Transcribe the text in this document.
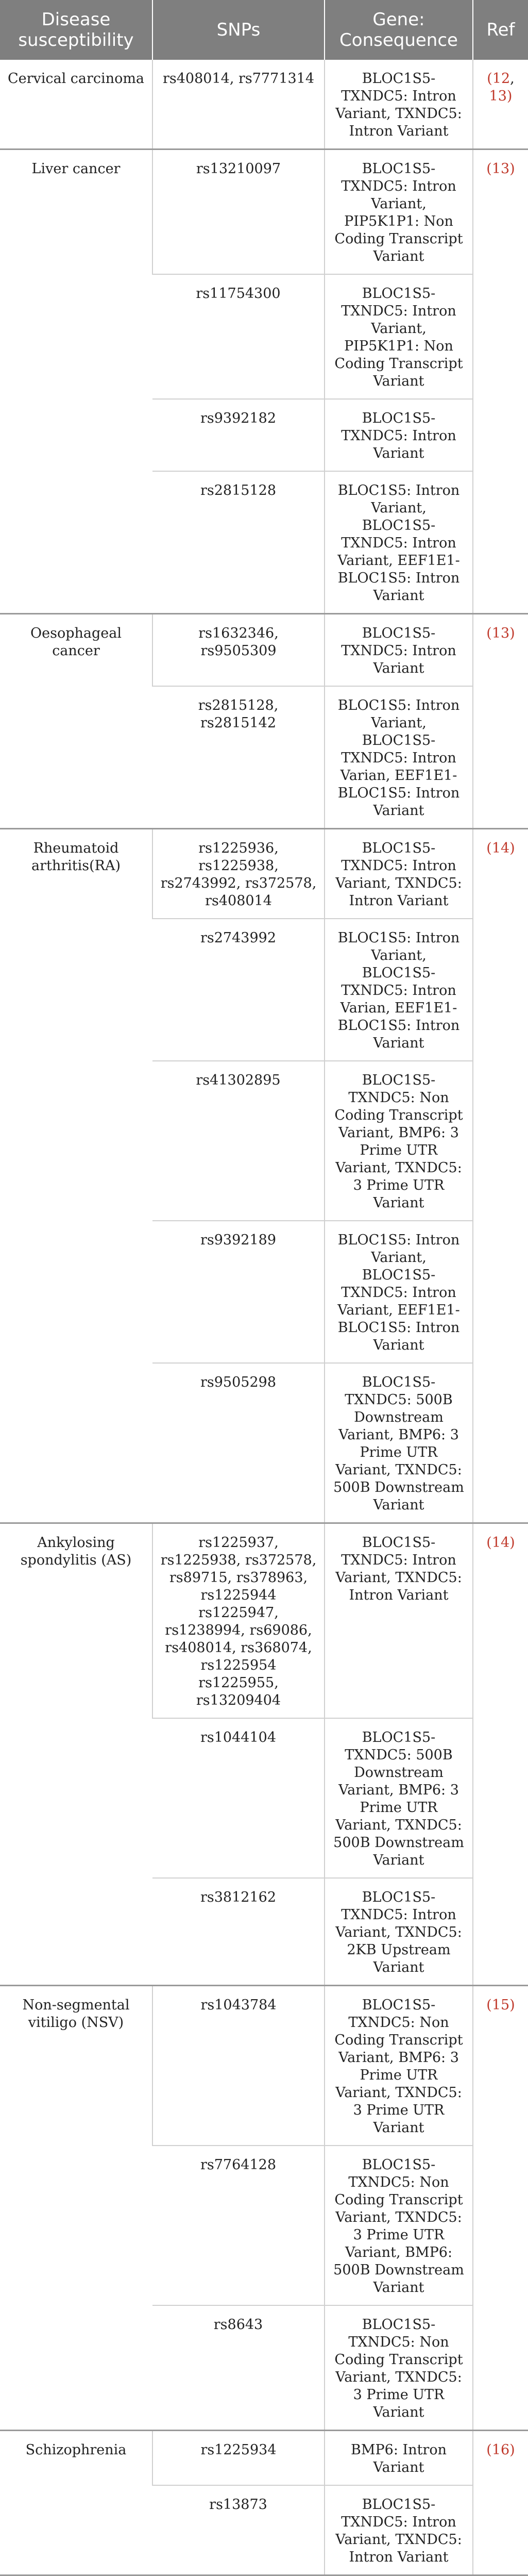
Disease susceptibility	SNPs	Gene: Consequence	Ref
Cervical carcinoma	rs408014, rs7771314	BLOC1S5-TXNDC5: Intron Variant, TXNDC5: Intron Variant	(12, 13)
Liver cancer	rs13210097	BLOC1S5-TXNDC5: Intron Variant, PIP5K1P1: Non Coding Transcript Variant	(13)
	rs11754300	BLOC1S5-TXNDC5: Intron Variant, PIP5K1P1: Non Coding Transcript Variant	
	rs9392182	BLOC1S5-TXNDC5: Intron Variant	
	rs2815128	BLOC1S5: Intron Variant, BLOC1S5-TXNDC5: Intron Variant, EEF1E1-BLOC1S5: Intron Variant	
Oesophageal cancer	rs1632346, rs9505309	BLOC1S5-TXNDC5: Intron Variant	(13)
	rs2815128, rs2815142	BLOC1S5: Intron Variant, BLOC1S5-TXNDC5: Intron Varian, EEF1E1-BLOC1S5: Intron Variant	
Rheumatoid arthritis(RA)	rs1225936, rs1225938, rs2743992, rs372578, rs408014	BLOC1S5-TXNDC5: Intron Variant, TXNDC5: Intron Variant	(14)
	rs2743992	BLOC1S5: Intron Variant, BLOC1S5-TXNDC5: Intron Varian, EEF1E1-BLOC1S5: Intron Variant	
	rs41302895	BLOC1S5-TXNDC5: Non Coding Transcript Variant, BMP6: 3 Prime UTR Variant, TXNDC5: 3 Prime UTR Variant	
	rs9392189	BLOC1S5: Intron Variant, BLOC1S5-TXNDC5: Intron Variant, EEF1E1-BLOC1S5: Intron Variant	
	rs9505298	BLOC1S5-TXNDC5: 500B Downstream Variant, BMP6: 3 Prime UTR Variant, TXNDC5: 500B Downstream Variant	
Ankylosing spondylitis (AS)	rs1225937, rs1225938, rs372578, rs89715, rs378963, rs1225944 rs1225947, rs1238994, rs69086, rs408014, rs368074, rs1225954 rs1225955, rs13209404	BLOC1S5-TXNDC5: Intron Variant, TXNDC5: Intron Variant	(14)
	rs1044104	BLOC1S5-TXNDC5: 500B Downstream Variant, BMP6: 3 Prime UTR Variant, TXNDC5: 500B Downstream Variant	
	rs3812162	BLOC1S5-TXNDC5: Intron Variant, TXNDC5: 2KB Upstream Variant	
Non-segmental vitiligo (NSV)	rs1043784	BLOC1S5-TXNDC5: Non Coding Transcript Variant, BMP6: 3 Prime UTR Variant, TXNDC5: 3 Prime UTR Variant	(15)
	rs7764128	BLOC1S5-TXNDC5: Non Coding Transcript Variant, TXNDC5: 3 Prime UTR Variant, BMP6: 500B Downstream Variant	
	rs8643	BLOC1S5-TXNDC5: Non Coding Transcript Variant, TXNDC5: 3 Prime UTR Variant	
Schizophrenia	rs1225934	BMP6: Intron Variant	(16)
	rs13873	BLOC1S5-TXNDC5: Intron Variant, TXNDC5: Intron Variant	
